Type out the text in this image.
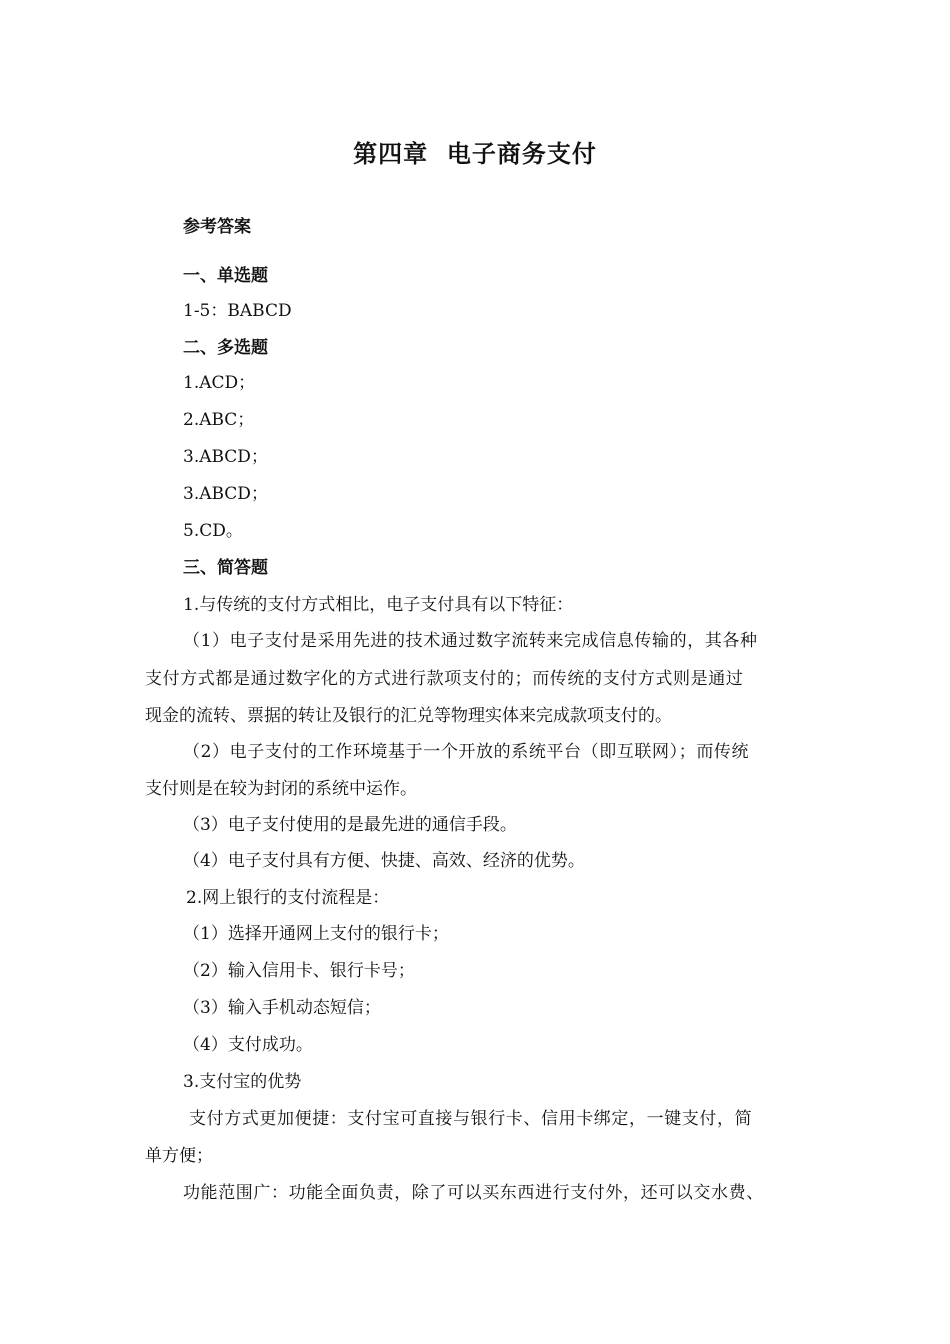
第四章  电子商务支付
参考答案
一、单选题
1-5：BABCD
二、多选题
1.ACD；
2.ABC；
3.ABCD；
3.ABCD；
5.CD。
三、简答题
1.与传统的支付方式相比，电子支付具有以下特征：
（1）电子支付是采用先进的技术通过数字流转来完成信息传输的，其各种
支付方式都是通过数字化的方式进行款项支付的；而传统的支付方式则是通过
现金的流转、票据的转让及银行的汇兑等物理实体来完成款项支付的。
（2）电子支付的工作环境基于一个开放的系统平台（即互联网）；而传统
支付则是在较为封闭的系统中运作。
（3）电子支付使用的是最先进的通信手段。
（4）电子支付具有方便、快捷、高效、经济的优势。
2.网上银行的支付流程是：
（1）选择开通网上支付的银行卡；
（2）输入信用卡、银行卡号；
（3）输入手机动态短信；
（4）支付成功。
3.支付宝的优势
支付方式更加便捷：支付宝可直接与银行卡、信用卡绑定，一键支付，简
单方便；
功能范围广：功能全面负责，除了可以买东西进行支付外，还可以交水费、
